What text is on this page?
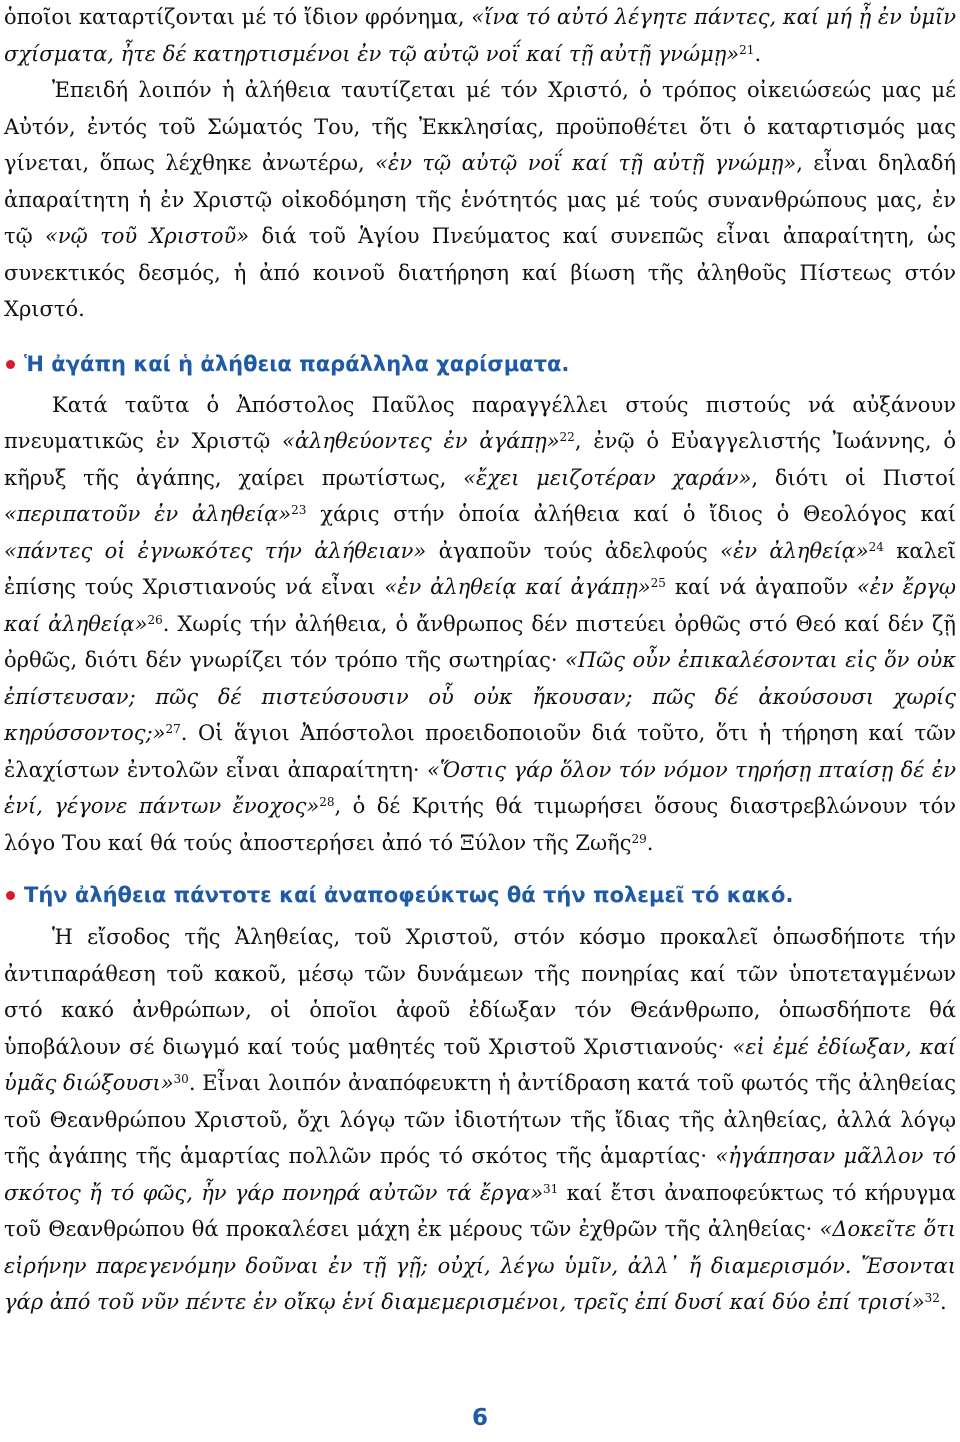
ὁποῖοι καταρτίζονται μέ τό ἴδιον φρόνημα, «ἵνα τό αὐτό λέγητε πάντες, καί μή ᾖ ἐν ὑμῖν σχίσματα, ἦτε δέ κατηρτισμένοι ἐν τῷ αὐτῷ νοΐ καί τῇ αὐτῇ γνώμῃ»$^{21}$.

Ἐπειδή λοιπόν ἡ ἀλήθεια ταυτίζεται μέ τόν Χριστό, ὁ τρόπος οἰκειώσεώς μας μέ Αὐτόν, ἐντός τοῦ Σώματός Του, τῆς Ἐκκλησίας, προϋποθέτει ὅτι ὁ καταρτισμός μας γίνεται, ὅπως λέχθηκε ἀνωτέρω, «ἐν τῷ αὐτῷ νοΐ καί τῇ αὐτῇ γνώμῃ», εἶναι δηλαδή ἀπαραίτητη ἡ ἐν Χριστῷ οἰκοδόμηση τῆς ἑνότητός μας μέ τούς συνανθρώπους μας, ἐν τῷ «νῷ τοῦ Χριστοῦ» διά τοῦ Ἁγίου Πνεύματος καί συνεπῶς εἶναι ἀπαραίτητη, ὡς συνεκτικός δεσμός, ἡ ἀπό κοινοῦ διατήρηση καί βίωση τῆς ἀληθοῦς Πίστεως στόν Χριστό.

Ἡ ἀγάπη καί ἡ ἀλήθεια παράλληλα χαρίσματα.

Κατά ταῦτα ὁ Ἀπόστολος Παῦλος παραγγέλλει στούς πιστούς νά αὐξάνουν πνευματικῶς ἐν Χριστῷ «ἀληθεύοντες ἐν ἀγάπῃ»$^{22}$, ἐνῷ ὁ Εὐαγγελιστής Ἰωάννης, ὁ κῆρυξ τῆς ἀγάπης, χαίρει πρωτίστως, «ἔχει μειζοτέραν χαράν», διότι οἱ Πιστοί «περιπατοῦν ἐν ἀληθείᾳ»$^{23}$ χάρις στήν ὁποία ἀλήθεια καί ὁ ἴδιος ὁ Θεολόγος καί «πάντες οἱ ἐγνωκότες τήν ἀλήθειαν» ἀγαποῦν τούς ἀδελφούς «ἐν ἀληθείᾳ»$^{24}$ καλεῖ ἐπίσης τούς Χριστιανούς νά εἶναι «ἐν ἀληθείᾳ καί ἀγάπῃ»$^{25}$ καί νά ἀγαποῦν «ἐν ἔργῳ καί ἀληθείᾳ»$^{26}$. Χωρίς τήν ἀλήθεια, ὁ ἄνθρωπος δέν πιστεύει ὀρθῶς στό Θεό καί δέν ζῇ ὀρθῶς, διότι δέν γνωρίζει τόν τρόπο τῆς σωτηρίας· «Πῶς οὖν ἐπικαλέσονται εἰς ὅν οὐκ ἐπίστευσαν; πῶς δέ πιστεύσουσιν οὗ οὐκ ἤκουσαν; πῶς δέ ἀκούσουσι χωρίς κηρύσσοντος;»$^{27}$. Οἱ ἅγιοι Ἀπόστολοι προειδοποιοῦν διά τοῦτο, ὅτι ἡ τήρηση καί τῶν ἐλαχίστων ἐντολῶν εἶναι ἀπαραίτητη· «Ὅστις γάρ ὅλον τόν νόμον τηρήσῃ πταίσῃ δέ ἐν ἑνί, γέγονε πάντων ἔνοχος»$^{28}$, ὁ δέ Κριτής θά τιμωρήσει ὅσους διαστρεβλώνουν τόν λόγο Του καί θά τούς ἀποστερήσει ἀπό τό Ξύλον τῆς Ζωῆς$^{29}$.

Τήν ἀλήθεια πάντοτε καί ἀναποφεύκτως θά τήν πολεμεῖ τό κακό.

Ἡ εἴσοδος τῆς Ἀληθείας, τοῦ Χριστοῦ, στόν κόσμο προκαλεῖ ὁπωσδήποτε τήν ἀντιπαράθεση τοῦ κακοῦ, μέσῳ τῶν δυνάμεων τῆς πονηρίας καί τῶν ὑποτεταγμένων στό κακό ἀνθρώπων, οἱ ὁποῖοι ἀφοῦ ἐδίωξαν τόν Θεάνθρωπο, ὁπωσδήποτε θά ὑποβάλουν σέ διωγμό καί τούς μαθητές τοῦ Χριστοῦ Χριστιανούς· «εἰ ἐμέ ἐδίωξαν, καί ὑμᾶς διώξουσι»$^{30}$. Εἶναι λοιπόν ἀναπόφευκτη ἡ ἀντίδραση κατά τοῦ φωτός τῆς ἀληθείας τοῦ Θεανθρώπου Χριστοῦ, ὄχι λόγῳ τῶν ἰδιοτήτων τῆς ἴδιας τῆς ἀληθείας, ἀλλά λόγῳ τῆς ἀγάπης τῆς ἁμαρτίας πολλῶν πρός τό σκότος τῆς ἁμαρτίας· «ἠγάπησαν μᾶλλον τό σκότος ἤ τό φῶς, ἦν γάρ πονηρά αὐτῶν τά ἔργα»$^{31}$ καί ἔτσι ἀναποφεύκτως τό κήρυγμα τοῦ Θεανθρώπου θά προκαλέσει μάχη ἐκ μέρους τῶν ἐχθρῶν τῆς ἀληθείας· «Δοκεῖτε ὅτι εἰρήνην παρεγενόμην δοῦναι ἐν τῇ γῇ; οὐχί, λέγω ὑμῖν, ἀλλ᾽ ἤ διαμερισμόν. Ἔσονται γάρ ἀπό τοῦ νῦν πέντε ἐν οἴκῳ ἑνί διαμεμερισμένοι, τρεῖς ἐπί δυσί καί δύο ἐπί τρισί»$^{32}$.

6
